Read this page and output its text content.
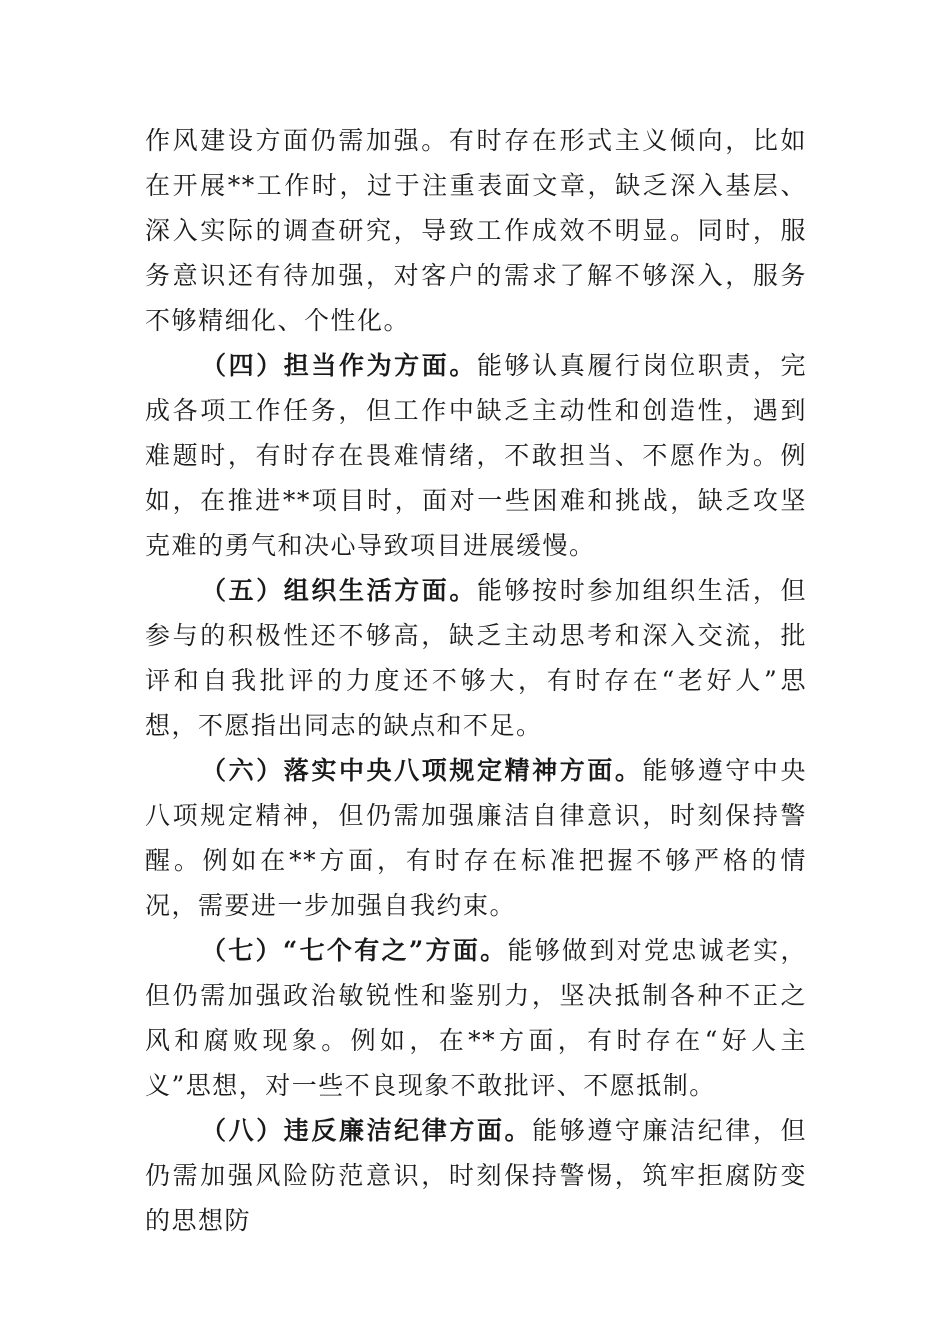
作风建设方面仍需加强。有时存在形式主义倾向，比如在开展**工作时，过于注重表面文章，缺乏深入基层、深入实际的调查研究，导致工作成效不明显。同时，服务意识还有待加强，对客户的需求了解不够深入，服务不够精细化、个性化。

（四）担当作为方面。能够认真履行岗位职责，完成各项工作任务，但工作中缺乏主动性和创造性，遇到难题时，有时存在畏难情绪，不敢担当、不愿作为。例如，在推进**项目时，面对一些困难和挑战，缺乏攻坚克难的勇气和决心导致项目进展缓慢。

（五）组织生活方面。能够按时参加组织生活，但参与的积极性还不够高，缺乏主动思考和深入交流，批评和自我批评的力度还不够大，有时存在“老好人”思想，不愿指出同志的缺点和不足。

（六）落实中央八项规定精神方面。能够遵守中央八项规定精神，但仍需加强廉洁自律意识，时刻保持警醒。例如在**方面，有时存在标准把握不够严格的情况，需要进一步加强自我约束。

（七）“七个有之”方面。能够做到对党忠诚老实，但仍需加强政治敏锐性和鉴别力，坚决抵制各种不正之风和腐败现象。例如，在**方面，有时存在“好人主义”思想，对一些不良现象不敢批评、不愿抵制。

（八）违反廉洁纪律方面。能够遵守廉洁纪律，但仍需加强风险防范意识，时刻保持警惕，筑牢拒腐防变的思想防
